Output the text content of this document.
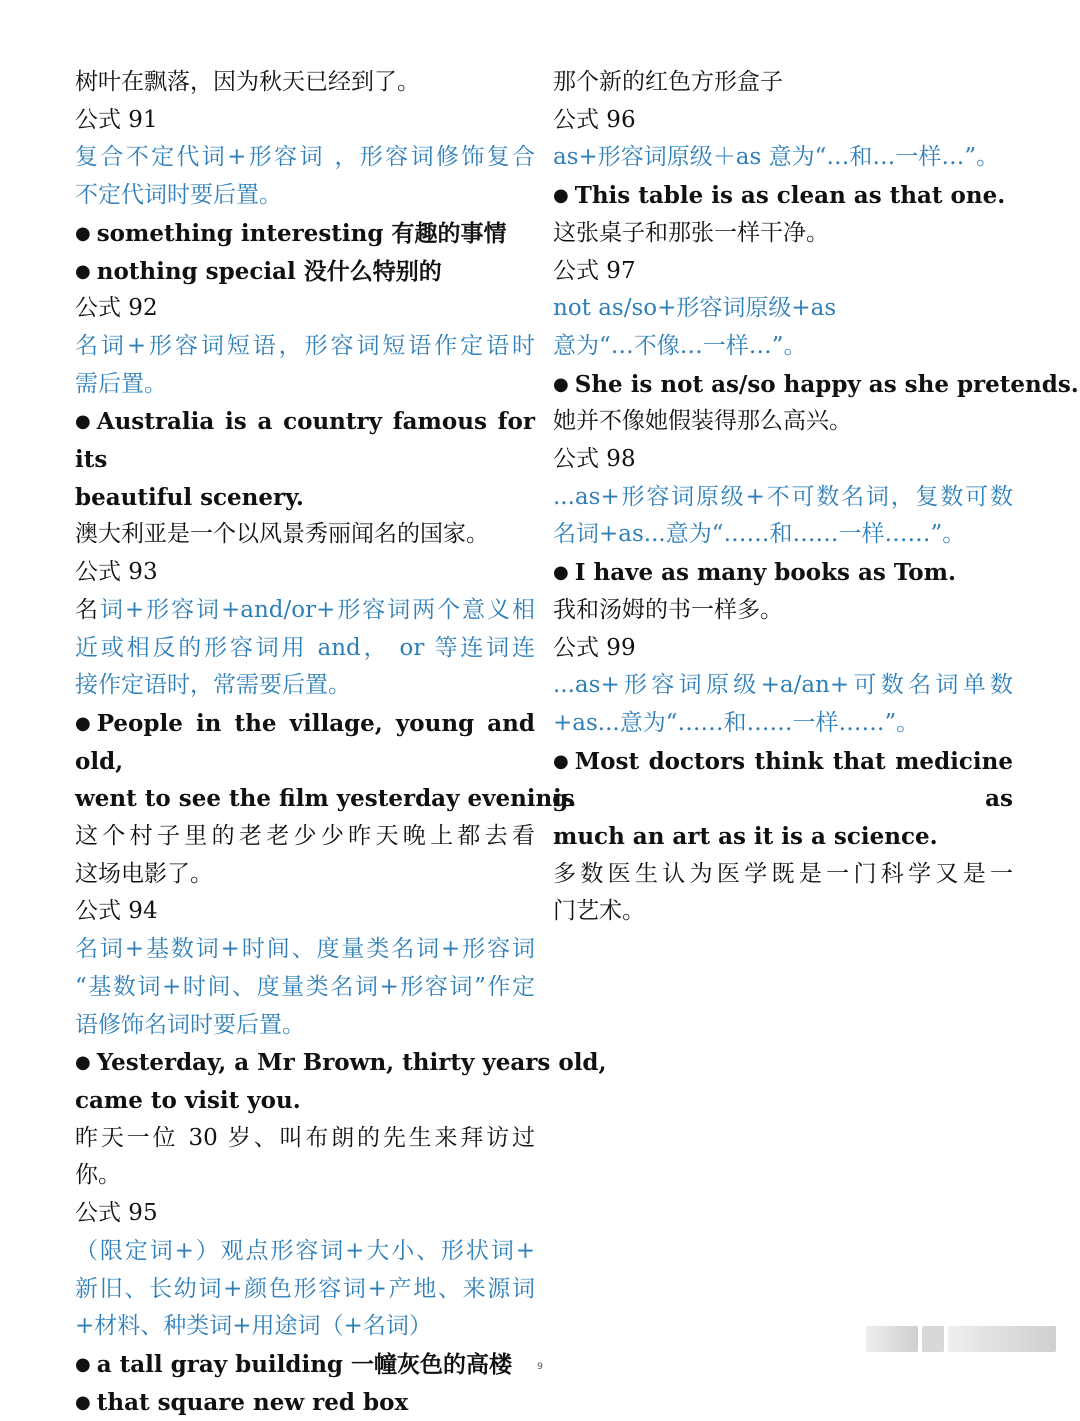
树叶在飘落，因为秋天已经到了。
公式 91
复合不定代词+形容词 ，形容词修饰复合
不定代词时要后置。
● something interesting 有趣的事情
● nothing special 没什么特别的
公式 92
名词+形容词短语，形容词短语作定语时
需后置。
● Australia is a country famous for its
beautiful scenery.
澳大利亚是一个以风景秀丽闻名的国家。
公式 93
名词+形容词+and/or+形容词两个意义相
近或相反的形容词用 and， or 等连词连
接作定语时，常需要后置。
● People in the village, young and old,
went to see the film yesterday evening.
这个村子里的老老少少昨天晚上都去看
这场电影了。
公式 94
名词+基数词+时间、度量类名词+形容词
“基数词+时间、度量类名词+形容词”作定
语修饰名词时要后置。
● Yesterday, a Mr Brown, thirty years old,
came to visit you.
昨天一位 30 岁、叫布朗的先生来拜访过
你。
公式 95
（限定词+）观点形容词+大小、形状词+
新旧、长幼词+颜色形容词+产地、来源词
+材料、种类词+用途词（+名词）
● a tall gray building 一幢灰色的高楼
● that square new red box
那个新的红色方形盒子
公式 96
as+形容词原级＋as 意为“…和…一样…”。
● This table is as clean as that one.
这张桌子和那张一样干净。
公式 97
not as/so+形容词原级+as
意为“…不像…一样…”。
● She is not as/so happy as she pretends.
她并不像她假装得那么高兴。
公式 98
...as+形容词原级+不可数名词，复数可数
名词+as...意为“……和……一样……”。
● I have as many books as Tom.
我和汤姆的书一样多。
公式 99
...as+形容词原级+a/an+可数名词单数
+as...意为“……和……一样……”。
● Most doctors think that medicine is as
much an art as it is a science.
多数医生认为医学既是一门科学又是一
门艺术。
9
